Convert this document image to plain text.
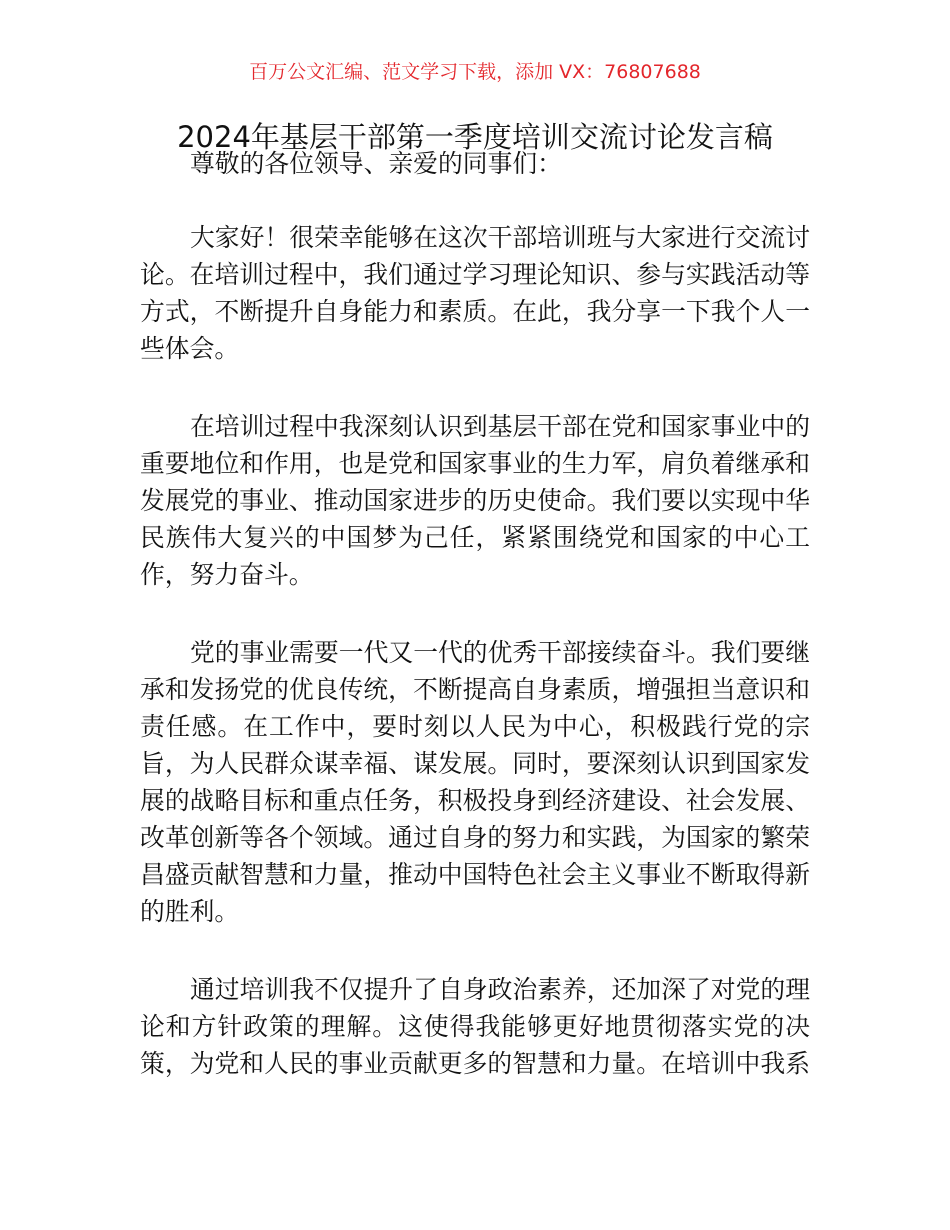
百万公文汇编、范文学习下载，添加 VX：76807688
2024年基层干部第一季度培训交流讨论发言稿
尊敬的各位领导、亲爱的同事们：
大家好！很荣幸能够在这次干部培训班与大家进行交流讨
论。在培训过程中，我们通过学习理论知识、参与实践活动等
方式，不断提升自身能力和素质。在此，我分享一下我个人一
些体会。
在培训过程中我深刻认识到基层干部在党和国家事业中的
重要地位和作用，也是党和国家事业的生力军，肩负着继承和
发展党的事业、推动国家进步的历史使命。我们要以实现中华
民族伟大复兴的中国梦为己任，紧紧围绕党和国家的中心工
作，努力奋斗。
党的事业需要一代又一代的优秀干部接续奋斗。我们要继
承和发扬党的优良传统，不断提高自身素质，增强担当意识和
责任感。在工作中，要时刻以人民为中心，积极践行党的宗
旨，为人民群众谋幸福、谋发展。同时，要深刻认识到国家发
展的战略目标和重点任务，积极投身到经济建设、社会发展、
改革创新等各个领域。通过自身的努力和实践，为国家的繁荣
昌盛贡献智慧和力量，推动中国特色社会主义事业不断取得新
的胜利。
通过培训我不仅提升了自身政治素养，还加深了对党的理
论和方针政策的理解。这使得我能够更好地贯彻落实党的决
策，为党和人民的事业贡献更多的智慧和力量。在培训中我系
